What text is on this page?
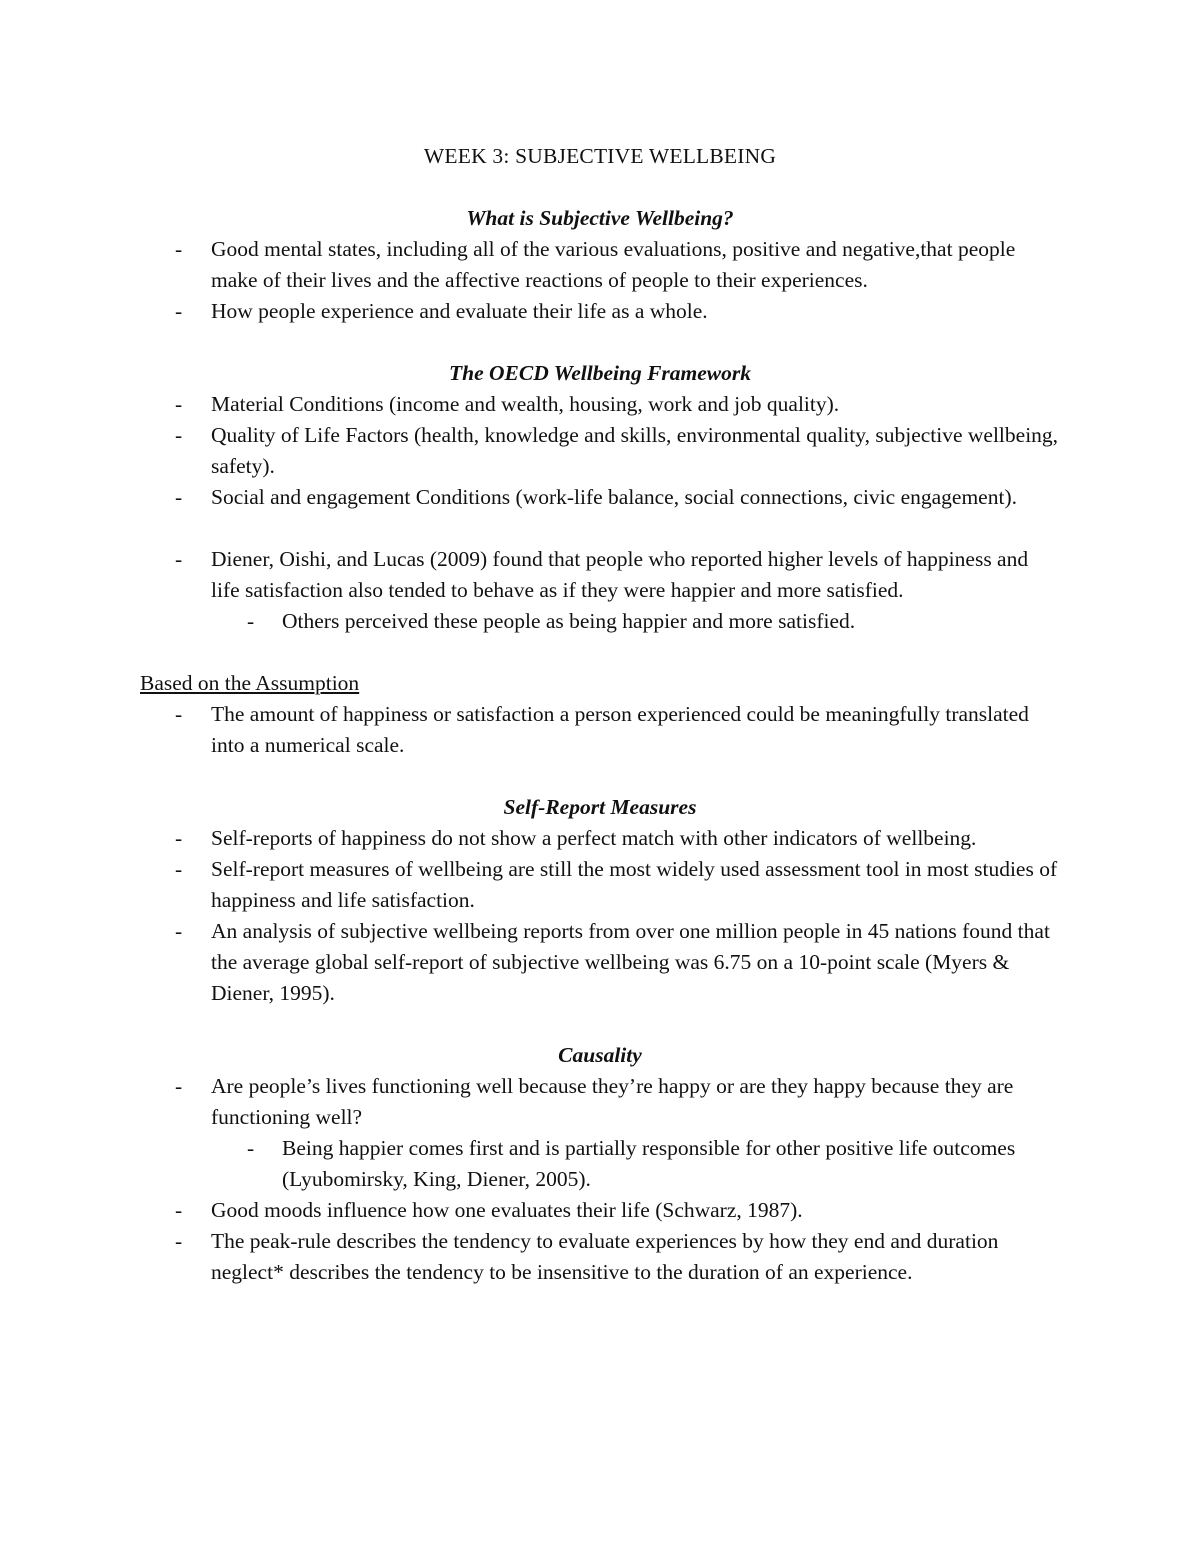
WEEK 3: SUBJECTIVE WELLBEING

What is Subjective Wellbeing?

- Good mental states, including all of the various evaluations, positive and negative,that people make of their lives and the affective reactions of people to their experiences.
- How people experience and evaluate their life as a whole.

The OECD Wellbeing Framework

- Material Conditions (income and wealth, housing, work and job quality).
- Quality of Life Factors (health, knowledge and skills, environmental quality, subjective wellbeing, safety).
- Social and engagement Conditions (work-life balance, social connections, civic engagement).
- Diener, Oishi, and Lucas (2009) found that people who reported higher levels of happiness and life satisfaction also tended to behave as if they were happier and more satisfied.
- Others perceived these people as being happier and more satisfied.

Based on the Assumption

- The amount of happiness or satisfaction a person experienced could be meaningfully translated into a numerical scale.

Self-Report Measures

- Self-reports of happiness do not show a perfect match with other indicators of wellbeing.
- Self-report measures of wellbeing are still the most widely used assessment tool in most studies of happiness and life satisfaction.
- An analysis of subjective wellbeing reports from over one million people in 45 nations found that the average global self-report of subjective wellbeing was 6.75 on a 10-point scale (Myers & Diener, 1995).

Causality

- Are people’s lives functioning well because they’re happy or are they happy because they are functioning well?
- Being happier comes first and is partially responsible for other positive life outcomes (Lyubomirsky, King, Diener, 2005).
- Good moods influence how one evaluates their life (Schwarz, 1987).
- The peak-rule describes the tendency to evaluate experiences by how they end and duration neglect* describes the tendency to be insensitive to the duration of an experience.
